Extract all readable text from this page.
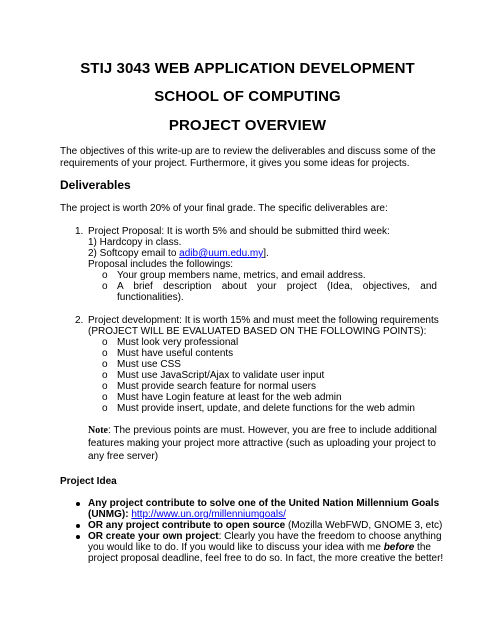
STIJ 3043 WEB APPLICATION DEVELOPMENT
SCHOOL OF COMPUTING
PROJECT OVERVIEW
The objectives of this write-up are to review the deliverables and discuss some of the
requirements of your project. Furthermore, it gives you some ideas for projects.
Deliverables
The project is worth 20% of your final grade. The specific deliverables are:
1. Project Proposal: It is worth 5% and should be submitted third week:
1) Hardcopy in class.
2) Softcopy email to adib@uum.edu.my].
Proposal includes the followings:
o Your group members name, metrics, and email address.
o A brief description about your project (Idea, objectives, and
functionalities).
2. Project development: It is worth 15% and must meet the following requirements
(PROJECT WILL BE EVALUATED BASED ON THE FOLLOWING POINTS):
o Must look very professional
o Must have useful contents
o Must use CSS
o Must use JavaScript/Ajax to validate user input
o Must provide search feature for normal users
o Must have Login feature at least for the web admin
o Must provide insert, update, and delete functions for the web admin
Note: The previous points are must. However, you are free to include additional
features making your project more attractive (such as uploading your project to
any free server)
Project Idea
Any project contribute to solve one of the United Nation Millennium Goals
(UNMG): http://www.un.org/millenniumgoals/
OR any project contribute to open source (Mozilla WebFWD, GNOME 3, etc)
OR create your own project: Clearly you have the freedom to choose anything
you would like to do. If you would like to discuss your idea with me before the
project proposal deadline, feel free to do so. In fact, the more creative the better!
